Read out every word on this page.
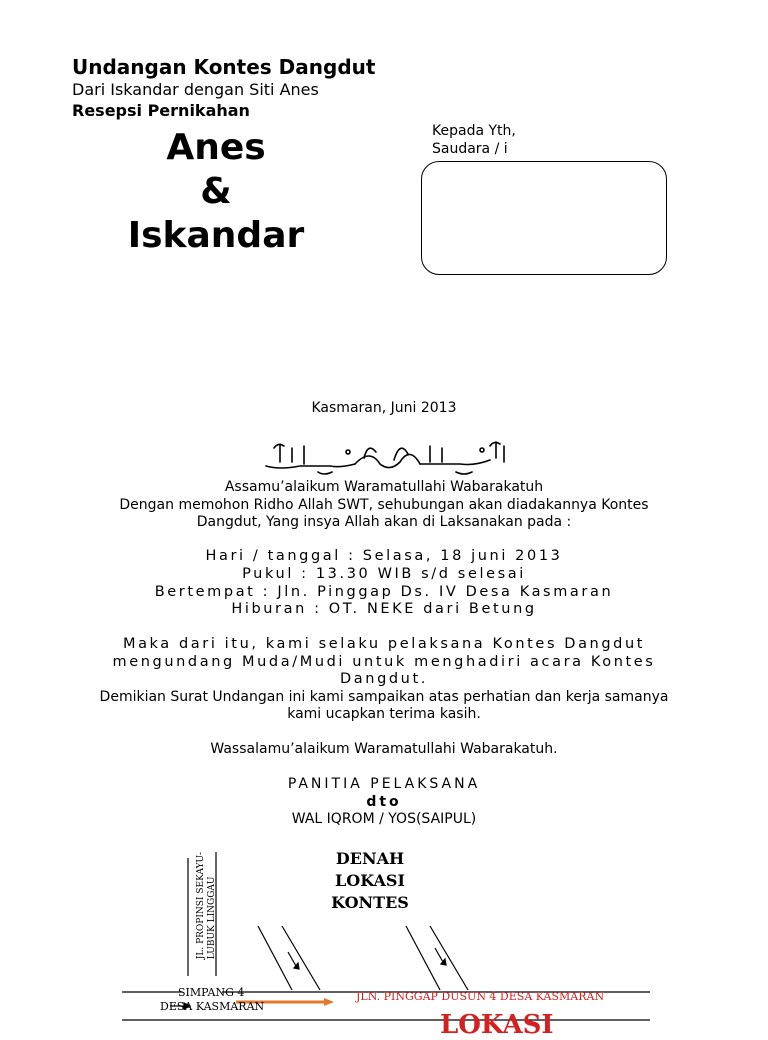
Undangan Kontes Dangdut
Dari Iskandar dengan Siti Anes
Resepsi Pernikahan
Anes
&
Iskandar
Kepada Yth,
Saudara / i
Kasmaran, Juni 2013
Assamu’alaikum Waramatullahi Wabarakatuh
Dengan memohon Ridho Allah SWT, sehubungan akan diadakannya Kontes
Dangdut, Yang insya Allah akan di Laksanakan pada :
Hari / tanggal : Selasa, 18 juni 2013
Pukul : 13.30 WIB s/d selesai
Bertempat : Jln. Pinggap Ds. IV Desa Kasmaran
Hiburan : OT. NEKE dari Betung
Maka dari itu, kami selaku pelaksana Kontes Dangdut
mengundang Muda/Mudi untuk menghadiri acara Kontes
Dangdut.
Demikian Surat Undangan ini kami sampaikan atas perhatian dan kerja samanya
kami ucapkan terima kasih.
Wassalamu’alaikum Waramatullahi Wabarakatuh.
PANITIA PELAKSANA
dto
WAL IQROM / YOS(SAIPUL)
DENAH LOKASI
KONTES
JL. PROPINSI SEKAYU- LUBUK LINGGAU
SIMPANG 4
DESA KASMARAN
JLN. PINGGAP DUSUN 4 DESA KASMARAN
LOKASI
